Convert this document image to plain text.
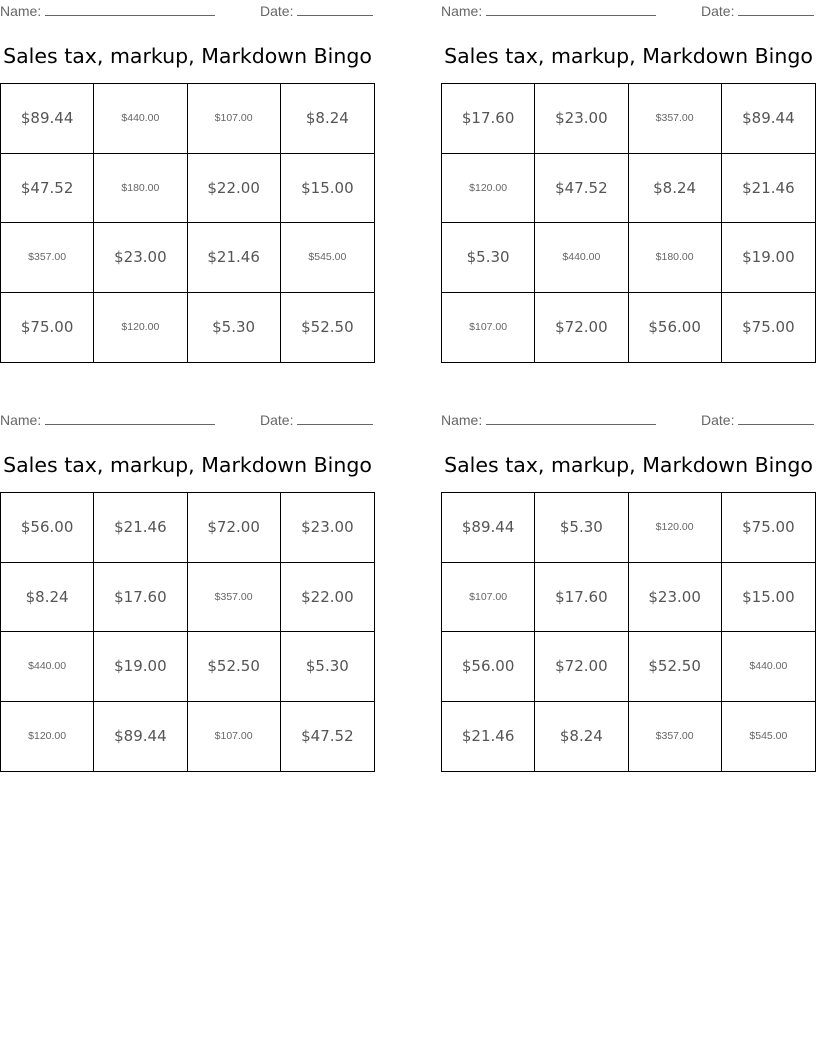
Name:	Date:
Sales tax, markup, Markdown Bingo
$89.44	$440.00	$107.00	$8.24
$47.52	$180.00	$22.00	$15.00
$357.00	$23.00	$21.46	$545.00
$75.00	$120.00	$5.30	$52.50
Name:	Date:
Sales tax, markup, Markdown Bingo
$17.60	$23.00	$357.00	$89.44
$120.00	$47.52	$8.24	$21.46
$5.30	$440.00	$180.00	$19.00
$107.00	$72.00	$56.00	$75.00
Name:	Date:
Sales tax, markup, Markdown Bingo
$56.00	$21.46	$72.00	$23.00
$8.24	$17.60	$357.00	$22.00
$440.00	$19.00	$52.50	$5.30
$120.00	$89.44	$107.00	$47.52
Name:	Date:
Sales tax, markup, Markdown Bingo
$89.44	$5.30	$120.00	$75.00
$107.00	$17.60	$23.00	$15.00
$56.00	$72.00	$52.50	$440.00
$21.46	$8.24	$357.00	$545.00
